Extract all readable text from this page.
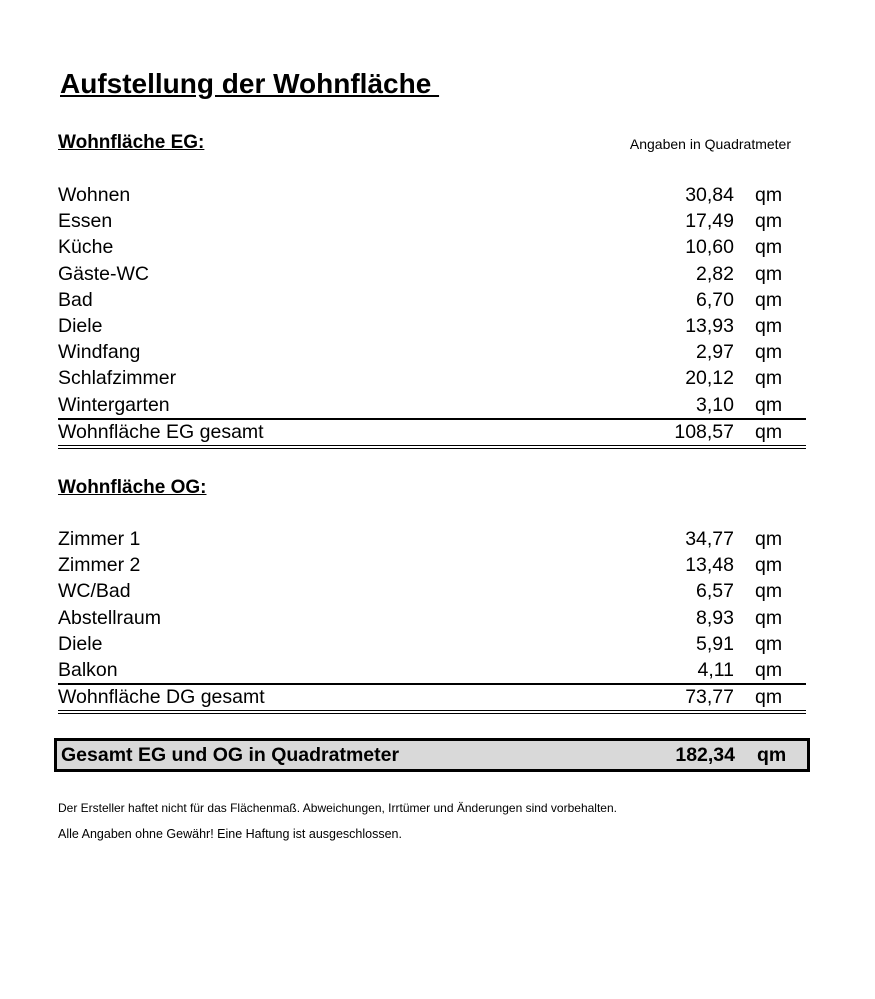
Aufstellung der Wohnfläche
Wohnfläche EG:	Angaben in Quadratmeter
Wohnen	30,84 qm
Essen	17,49 qm
Küche	10,60 qm
Gäste-WC	2,82 qm
Bad	6,70 qm
Diele	13,93 qm
Windfang	2,97 qm
Schlafzimmer	20,12 qm
Wintergarten	3,10 qm
Wohnfläche EG gesamt	108,57 qm
Wohnfläche OG:
Zimmer 1	34,77 qm
Zimmer 2	13,48 qm
WC/Bad	6,57 qm
Abstellraum	8,93 qm
Diele	5,91 qm
Balkon	4,11 qm
Wohnfläche DG gesamt	73,77 qm
Gesamt EG und OG in Quadratmeter	182,34 qm
Der Ersteller haftet nicht für das Flächenmaß. Abweichungen, Irrtümer und Änderungen sind vorbehalten.
Alle Angaben ohne Gewähr! Eine Haftung ist ausgeschlossen.
